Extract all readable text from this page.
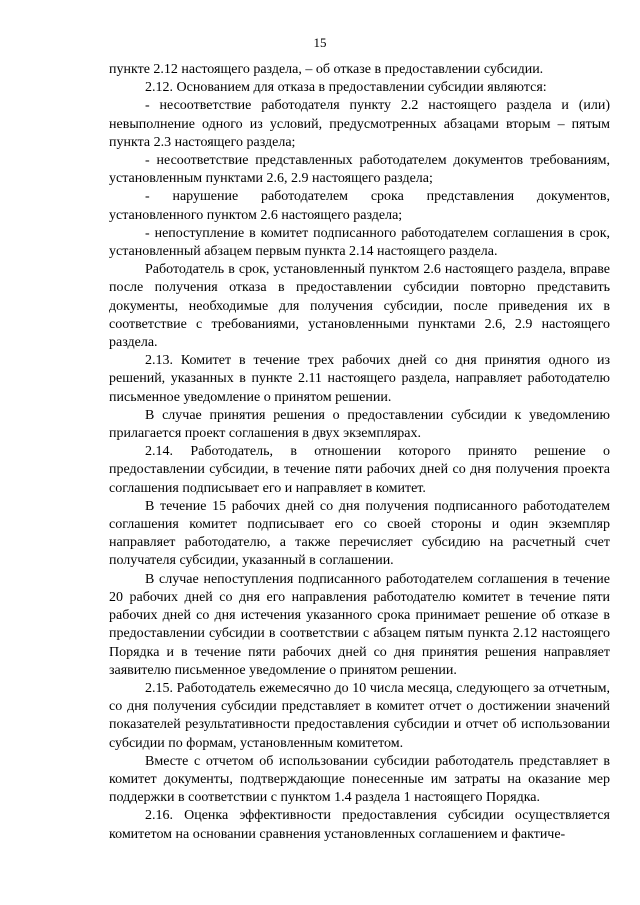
15

пункте 2.12 настоящего раздела, – об отказе в предоставлении субсидии.

2.12. Основанием для отказа в предоставлении субсидии являются:

- несоответствие работодателя пункту 2.2 настоящего раздела и (или) невыполнение одного из условий, предусмотренных абзацами вторым – пятым пункта 2.3 настоящего раздела;

- несоответствие представленных работодателем документов требованиям, установленным пунктами 2.6, 2.9 настоящего раздела;

- нарушение работодателем срока представления документов, установленного пунктом 2.6 настоящего раздела;

- непоступление в комитет подписанного работодателем соглашения в срок, установленный абзацем первым пункта 2.14 настоящего раздела.

Работодатель в срок, установленный пунктом 2.6 настоящего раздела, вправе после получения отказа в предоставлении субсидии повторно представить документы, необходимые для получения субсидии, после приведения их в соответствие с требованиями, установленными пунктами 2.6, 2.9 настоящего раздела.

2.13. Комитет в течение трех рабочих дней со дня принятия одного из решений, указанных в пункте 2.11 настоящего раздела, направляет работодателю письменное уведомление о принятом решении.

В случае принятия решения о предоставлении субсидии к уведомлению прилагается проект соглашения в двух экземплярах.

2.14. Работодатель, в отношении которого принято решение о предоставлении субсидии, в течение пяти рабочих дней со дня получения проекта соглашения подписывает его и направляет в комитет.

В течение 15 рабочих дней со дня получения подписанного работодателем соглашения комитет подписывает его со своей стороны и один экземпляр направляет работодателю, а также перечисляет субсидию на расчетный счет получателя субсидии, указанный в соглашении.

В случае непоступления подписанного работодателем соглашения в течение 20 рабочих дней со дня его направления работодателю комитет в течение пяти рабочих дней со дня истечения указанного срока принимает решение об отказе в предоставлении субсидии в соответствии с абзацем пятым пункта 2.12 настоящего Порядка и в течение пяти рабочих дней со дня принятия решения направляет заявителю письменное уведомление о принятом решении.

2.15. Работодатель ежемесячно до 10 числа месяца, следующего за отчетным, со дня получения субсидии представляет в комитет отчет о достижении значений показателей результативности предоставления субсидии и отчет об использовании субсидии по формам, установленным комитетом.

Вместе с отчетом об использовании субсидии работодатель представляет в комитет документы, подтверждающие понесенные им затраты на оказание мер поддержки в соответствии с пунктом 1.4 раздела 1 настоящего Порядка.

2.16. Оценка эффективности предоставления субсидии осуществляется комитетом на основании сравнения установленных соглашением и фактиче-
